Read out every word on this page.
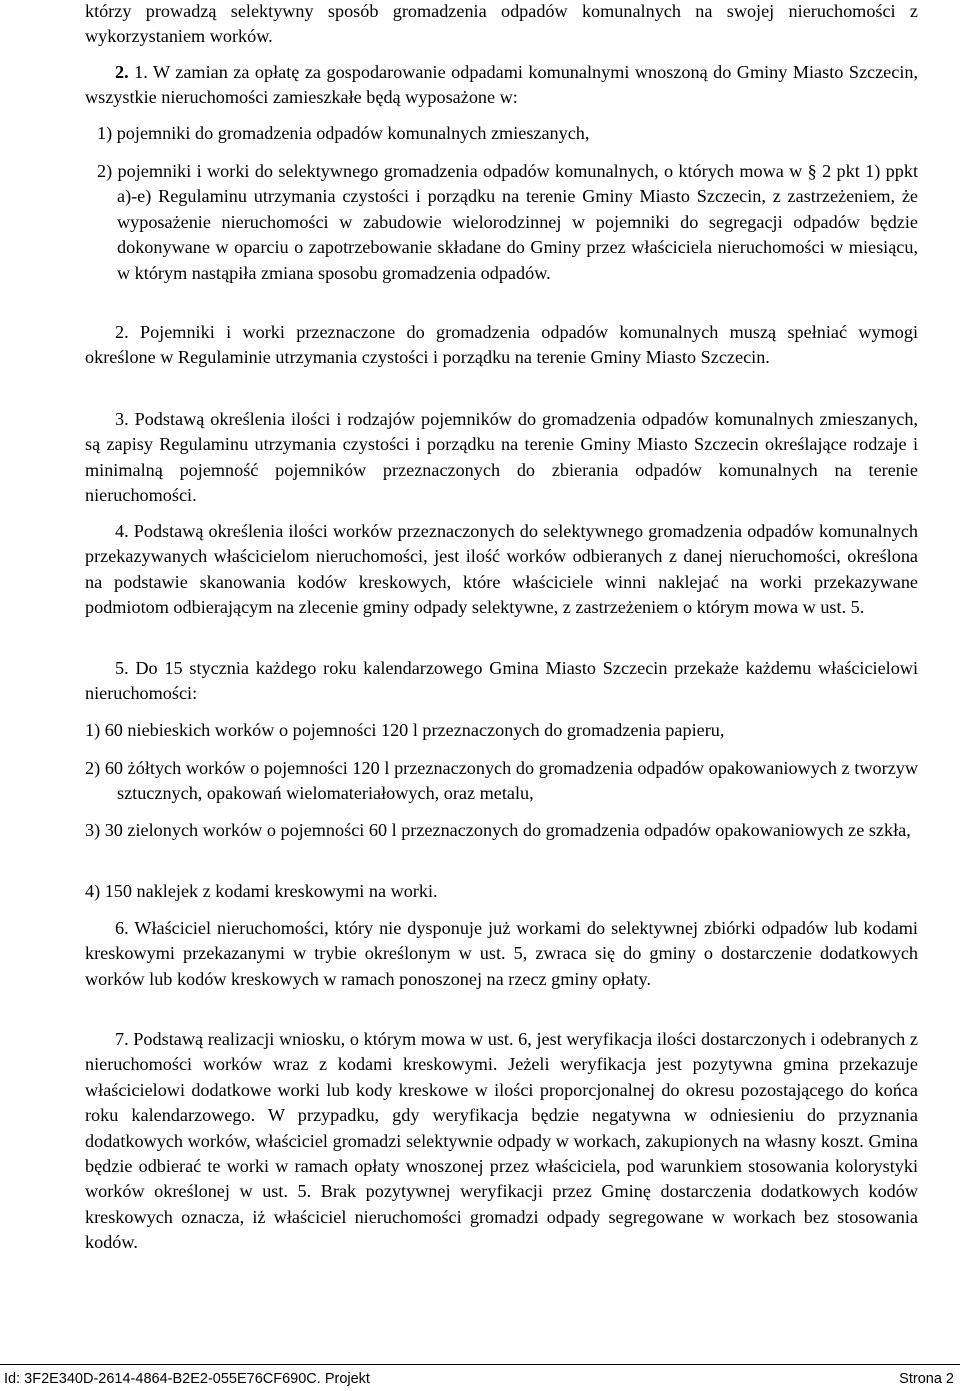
którzy prowadzą selektywny sposób gromadzenia odpadów komunalnych na swojej nieruchomości z wykorzystaniem worków.

2. 1. W zamian za opłatę za gospodarowanie odpadami komunalnymi wnoszoną do Gminy Miasto Szczecin, wszystkie nieruchomości zamieszkałe będą wyposażone w:

1) pojemniki do gromadzenia odpadów komunalnych zmieszanych,

2) pojemniki i worki do selektywnego gromadzenia odpadów komunalnych, o których mowa w § 2 pkt 1) ppkt a)-e) Regulaminu utrzymania czystości i porządku na terenie Gminy Miasto Szczecin, z zastrzeżeniem, że wyposażenie nieruchomości w zabudowie wielorodzinnej w pojemniki do segregacji odpadów będzie dokonywane w oparciu o zapotrzebowanie składane do Gminy przez właściciela nieruchomości w miesiącu, w którym nastąpiła zmiana sposobu gromadzenia odpadów.

2. Pojemniki i worki przeznaczone do gromadzenia odpadów komunalnych muszą spełniać wymogi określone w Regulaminie utrzymania czystości i porządku na terenie Gminy Miasto Szczecin.

3. Podstawą określenia ilości i rodzajów pojemników do gromadzenia odpadów komunalnych zmieszanych, są zapisy Regulaminu utrzymania czystości i porządku na terenie Gminy Miasto Szczecin określające rodzaje i minimalną pojemność pojemników przeznaczonych do zbierania odpadów komunalnych na terenie nieruchomości.

4. Podstawą określenia ilości worków przeznaczonych do selektywnego gromadzenia odpadów komunalnych przekazywanych właścicielom nieruchomości, jest ilość worków odbieranych z danej nieruchomości, określona na podstawie skanowania kodów kreskowych, które właściciele winni naklejać na worki przekazywane podmiotom odbierającym na zlecenie gminy odpady selektywne, z zastrzeżeniem o którym mowa w ust. 5.

5. Do 15 stycznia każdego roku kalendarzowego Gmina Miasto Szczecin przekaże każdemu właścicielowi nieruchomości:

1) 60 niebieskich worków o pojemności 120 l przeznaczonych do gromadzenia papieru,

2) 60 żółtych worków o pojemności 120 l przeznaczonych do gromadzenia odpadów opakowaniowych z tworzyw sztucznych, opakowań wielomateriałowych, oraz metalu,

3) 30 zielonych worków o pojemności 60 l przeznaczonych do gromadzenia odpadów opakowaniowych ze szkła,

4) 150 naklejek z kodami kreskowymi na worki.

6. Właściciel nieruchomości, który nie dysponuje już workami do selektywnej zbiórki odpadów lub kodami kreskowymi przekazanymi w trybie określonym w ust. 5, zwraca się do gminy o dostarczenie dodatkowych worków lub kodów kreskowych w ramach ponoszonej na rzecz gminy opłaty.

7. Podstawą realizacji wniosku, o którym mowa w ust. 6, jest weryfikacja ilości dostarczonych i odebranych z nieruchomości worków wraz z kodami kreskowymi. Jeżeli weryfikacja jest pozytywna gmina przekazuje właścicielowi dodatkowe worki lub kody kreskowe w ilości proporcjonalnej do okresu pozostającego do końca roku kalendarzowego. W przypadku, gdy weryfikacja będzie negatywna w odniesieniu do przyznania dodatkowych worków, właściciel gromadzi selektywnie odpady w workach, zakupionych na własny koszt. Gmina będzie odbierać te worki w ramach opłaty wnoszonej przez właściciela, pod warunkiem stosowania kolorystyki worków określonej w ust. 5. Brak pozytywnej weryfikacji przez Gminę dostarczenia dodatkowych kodów kreskowych oznacza, iż właściciel nieruchomości gromadzi odpady segregowane w workach bez stosowania kodów.

Id: 3F2E340D-2614-4864-B2E2-055E76CF690C. Projekt	Strona 2
